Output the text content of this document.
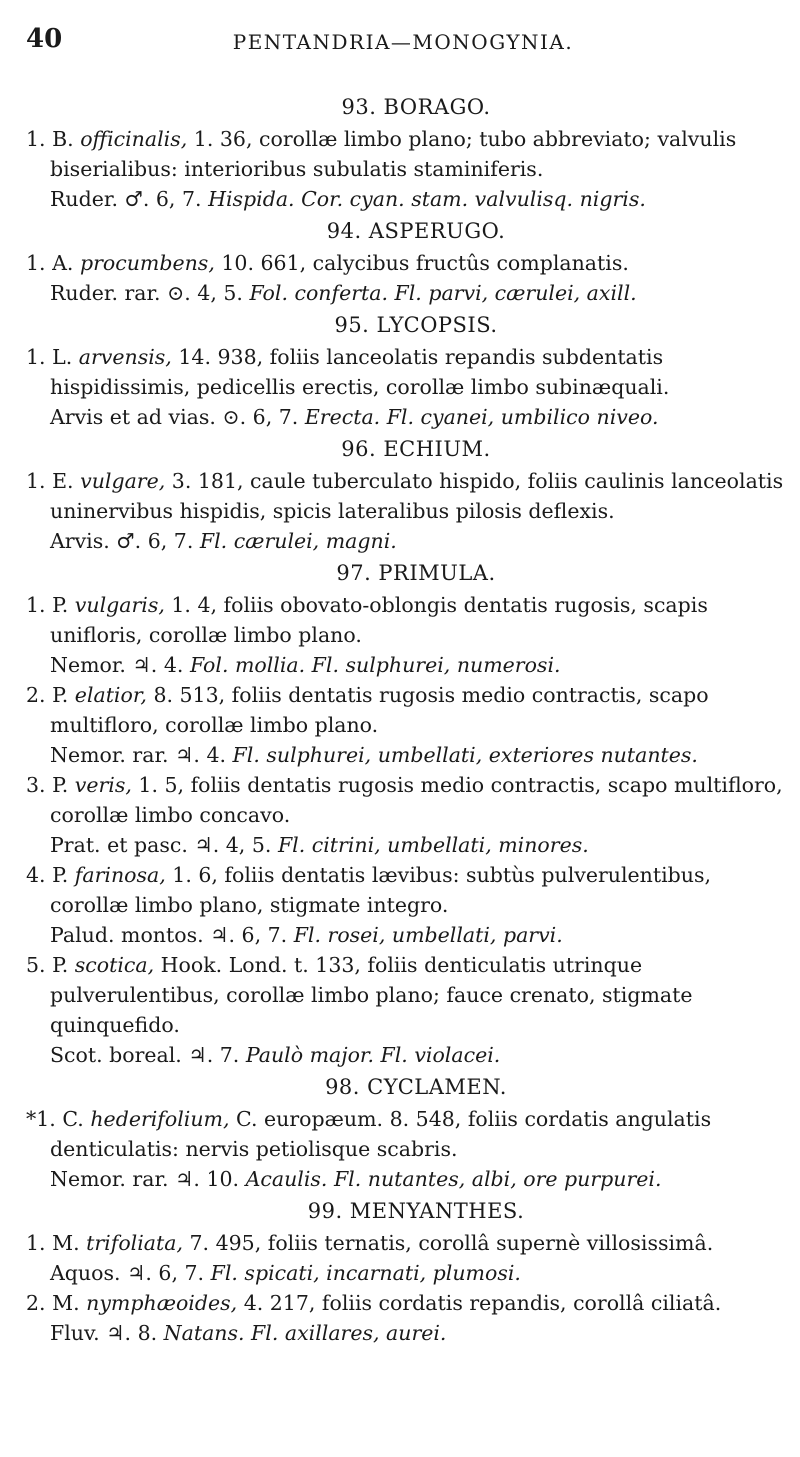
40	PENTANDRIA—MONOGYNIA.
93. BORAGO.
1. B. officinalis, 1. 36, corollæ limbo plano; tubo abbreviato; valvulis biserialibus: interioribus subulatis staminiferis.
Ruder. ♂. 6, 7. Hispida. Cor. cyan. stam. valvulisq. nigris.
94. ASPERUGO.
1. A. procumbens, 10. 661, calycibus fructûs complanatis.
Ruder. rar. ⊙. 4, 5. Fol. conferta. Fl. parvi, cærulei, axill.
95. LYCOPSIS.
1. L. arvensis, 14. 938, foliis lanceolatis repandis subdentatis hispidissimis, pedicellis erectis, corollæ limbo subinæquali.
Arvis et ad vias. ⊙. 6, 7. Erecta. Fl. cyanei, umbilico niveo.
96. ECHIUM.
1. E. vulgare, 3. 181, caule tuberculato hispido, foliis caulinis lanceolatis uninervibus hispidis, spicis lateralibus pilosis deflexis.
Arvis. ♂. 6, 7. Fl. cærulei, magni.
97. PRIMULA.
1. P. vulgaris, 1. 4, foliis obovato-oblongis dentatis rugosis, scapis unifloris, corollæ limbo plano.
Nemor. ♃. 4. Fol. mollia. Fl. sulphurei, numerosi.
2. P. elatior, 8. 513, foliis dentatis rugosis medio contractis, scapo multifloro, corollæ limbo plano.
Nemor. rar. ♃. 4. Fl. sulphurei, umbellati, exteriores nutantes.
3. P. veris, 1. 5, foliis dentatis rugosis medio contractis, scapo multifloro, corollæ limbo concavo.
Prat. et pasc. ♃. 4, 5. Fl. citrini, umbellati, minores.
4. P. farinosa, 1. 6, foliis dentatis lævibus: subtùs pulverulentibus, corollæ limbo plano, stigmate integro.
Palud. montos. ♃. 6, 7. Fl. rosei, umbellati, parvi.
5. P. scotica, Hook. Lond. t. 133, foliis denticulatis utrinque pulverulentibus, corollæ limbo plano; fauce crenato, stigmate quinquefido.
Scot. boreal. ♃. 7. Paulò major. Fl. violacei.
98. CYCLAMEN.
*1. C. hederifolium, C. europæum. 8. 548, foliis cordatis angulatis denticulatis: nervis petiolisque scabris.
Nemor. rar. ♃. 10. Acaulis. Fl. nutantes, albi, ore purpurei.
99. MENYANTHES.
1. M. trifoliata, 7. 495, foliis ternatis, corollâ supernè villosissimâ.
Aquos. ♃. 6, 7. Fl. spicati, incarnati, plumosi.
2. M. nymphæoides, 4. 217, foliis cordatis repandis, corollâ ciliatâ.
Fluv. ♃. 8. Natans. Fl. axillares, aurei.
